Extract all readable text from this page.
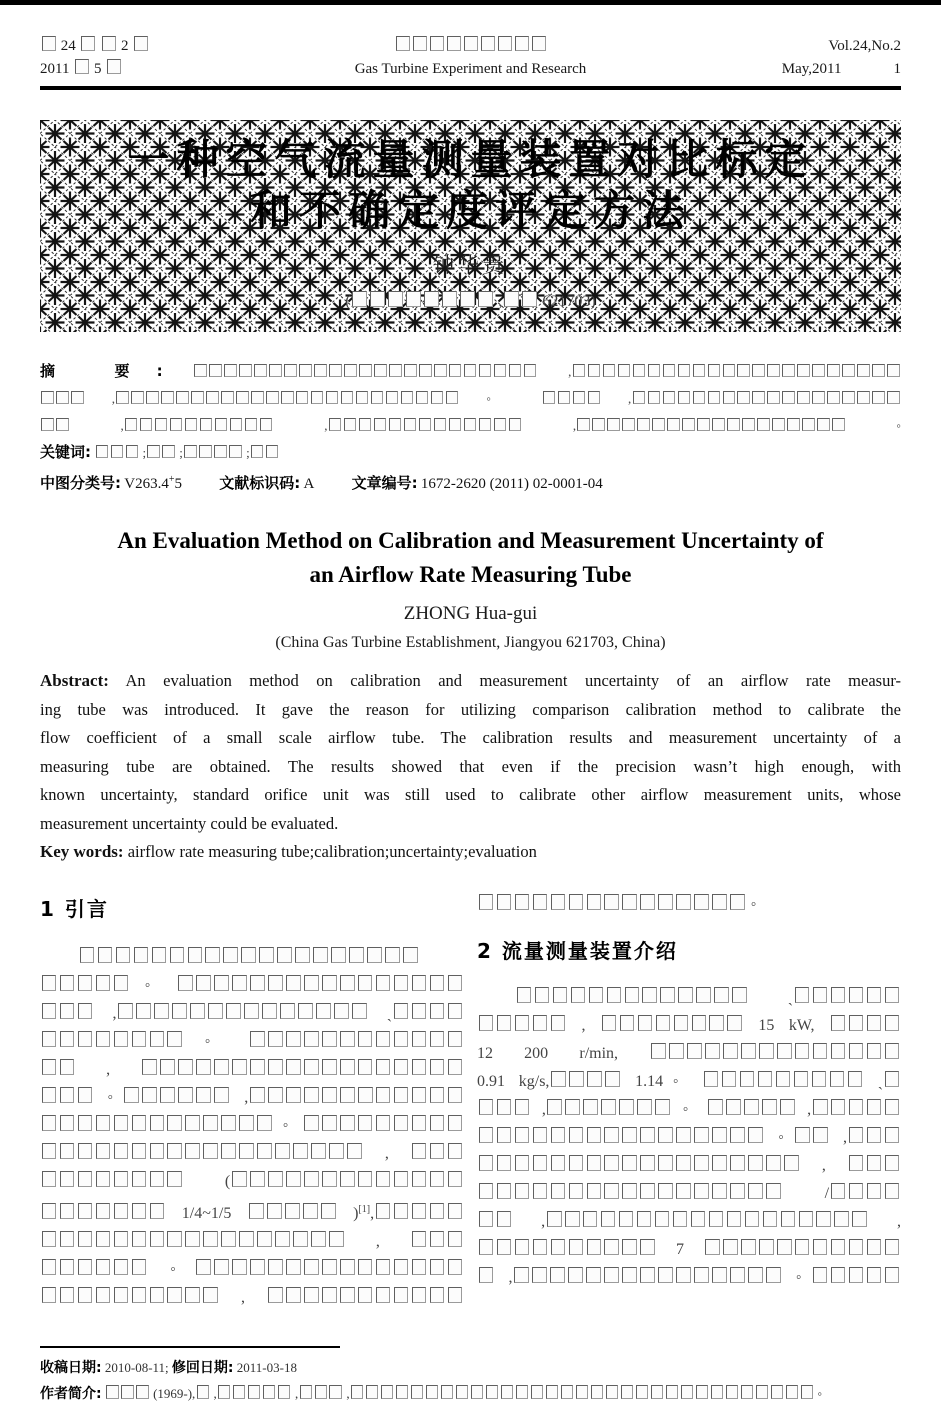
24	2
2011  5	Gas Turbine Experiment and Research
Vol.24,No.2
May,2011	1
一种空气流量测量装置对比标定
和不确定度评定方法
钟华贵
(	, 621703)
摘 要:	,
,	◦	,
,	,	,	◦
关键词:	; ;	;
中图分类号: V263.4+5 文献标识码: A 文章编号: 1672-2620 (2011) 02-0001-04
An Evaluation Method on Calibration and Measurement Uncertainty of
an Airflow Rate Measuring Tube
ZHONG Hua-gui
(China Gas Turbine Establishment, Jiangyou 621703, China)
Abstract: An evaluation method on calibration and measurement uncertainty of an airflow rate measur-
ing tube was introduced. It gave the reason for utilizing comparison calibration method to calibrate the
flow coefficient of a small scale airflow tube. The calibration results and measurement uncertainty of a
measuring tube are obtained. The results showed that even if the precision wasn’t high enough, with
known uncertainty, standard orifice unit was still used to calibrate other airflow measurement units, whose
measurement uncertainty could be evaluated.
Key words: airflow rate measuring tube;calibration;uncertainty;evaluation
1 引言
◦
,	ˏ
◦
,
◦	,
◦
,
(
1/4~1/5	)[1],
,
◦
,
◦
2 流量测量装置介绍
ˏ
,	15 kW,
12 200 r/min,
0.91 kg/s,	1.14◦	ˏ
,	◦	,
◦ ,
,
/
,	,
7
,	◦
收稿日期: 2010-08-11; 修回日期: 2011-03-18
作者简介:	(1969-), ,	,	,	◦
